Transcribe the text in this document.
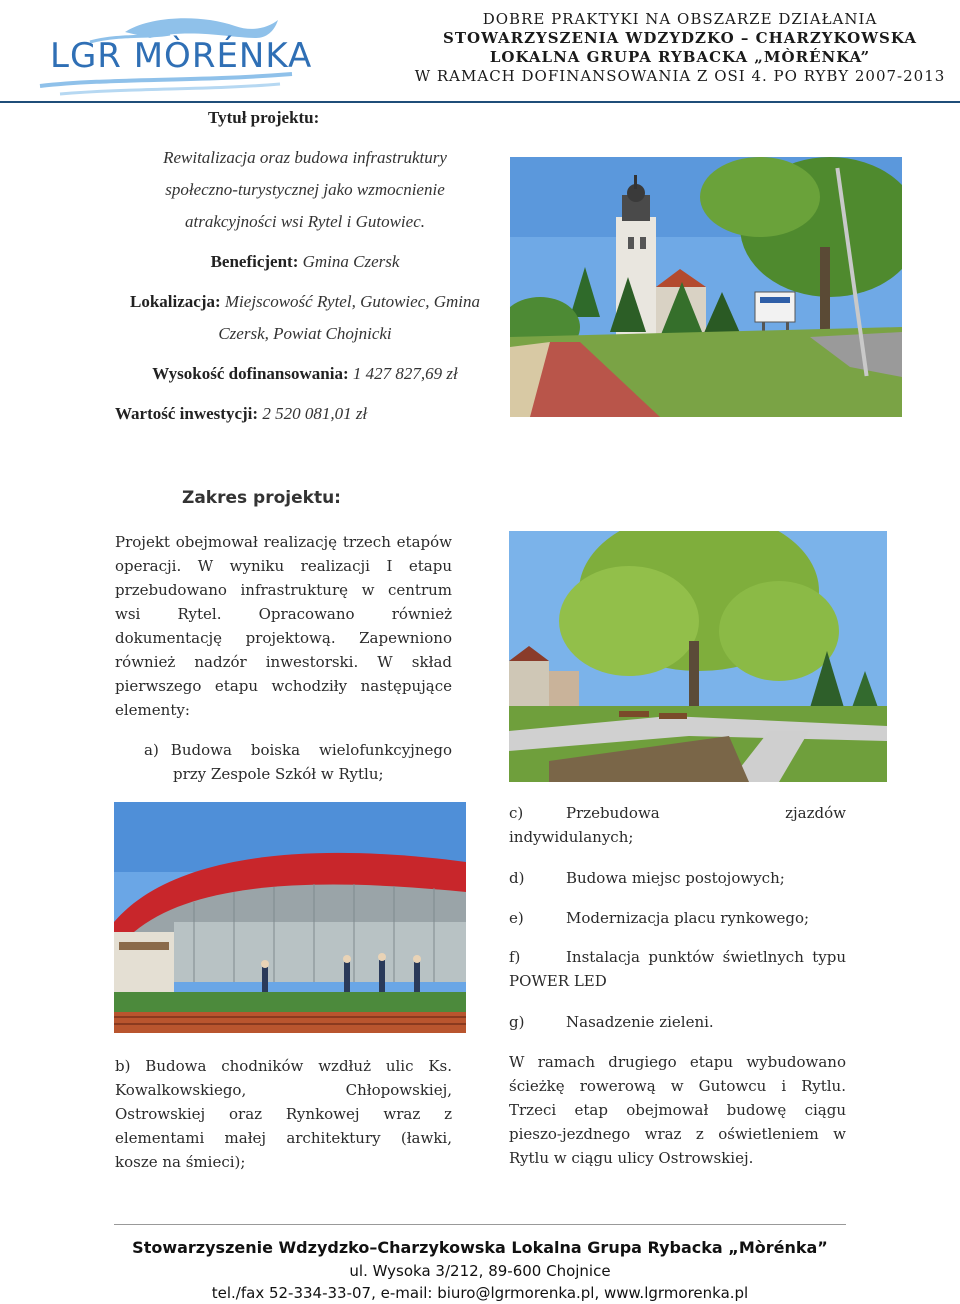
LGR MÒRÉNKA
DOBRE PRAKTYKI NA OBSZARZE DZIAŁANIA
STOWARZYSZENIA WDZYDZKO – CHARZYKOWSKA
LOKALNA GRUPA RYBACKA „MÒRÉNKA”
W RAMACH DOFINANSOWANIA Z OSI 4. PO RYBY 2007-2013
Tytuł projektu:
Rewitalizacja oraz budowa infrastruktury
społeczno-turystycznej jako wzmocnienie
atrakcyjności wsi Rytel i Gutowiec.
Beneficjent: Gmina Czersk
Lokalizacja: Miejscowość Rytel, Gutowiec, Gmina
Czersk, Powiat Chojnicki
Wysokość dofinansowania: 1 427 827,69 zł
Wartość inwestycji: 2 520 081,01 zł
Zakres projektu:
Projekt obejmował realizację trzech etapów operacji. W wyniku realizacji I etapu przebudowano infrastrukturę w centrum wsi Rytel. Opracowano również dokumentację projektową. Zapewniono również nadzór inwestorski. W skład pierwszego etapu wchodziły następujące elementy:
a) Budowa boiska wielofunkcyjnego
przy Zespole Szkół w Rytlu;
c)	Przebudowa	zjazdów
indywidulanych;
d)	Budowa miejsc postojowych;
e)	Modernizacja placu rynkowego;
f)	Instalacja punktów świetlnych typu
POWER LED
g)	Nasadzenie zieleni.
W ramach drugiego etapu wybudowano ścieżkę rowerową w Gutowcu i Rytlu. Trzeci etap obejmował budowę ciągu pieszo-jezdnego wraz z oświetleniem w Rytlu w ciągu ulicy Ostrowskiej.
b) Budowa chodników wzdłuż ulic Ks. Kowalkowskiego, Chłopowskiej, Ostrowskiej oraz Rynkowej wraz z elementami małej architektury (ławki, kosze na śmieci);
Stowarzyszenie Wdzydzko–Charzykowska Lokalna Grupa Rybacka „Mòrénka”
ul. Wysoka 3/212, 89-600 Chojnice
tel./fax 52-334-33-07, e-mail: biuro@lgrmorenka.pl, www.lgrmorenka.pl
